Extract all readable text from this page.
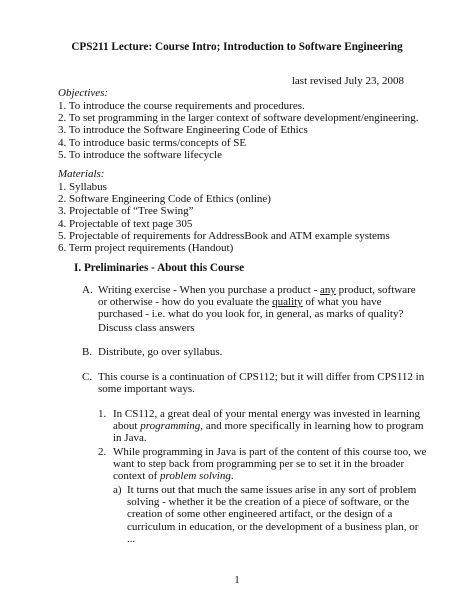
CPS211 Lecture: Course Intro; Introduction to Software Engineering
last revised July 23, 2008
Objectives:
1. To introduce the course requirements and procedures.
2. To set programming in the larger context of software development/engineering.
3. To introduce the Software Engineering Code of Ethics
4. To introduce basic terms/concepts of SE
5. To introduce the software lifecycle
Materials:
1. Syllabus
2. Software Engineering Code of Ethics (online)
3. Projectable of “Tree Swing”
4. Projectable of text page 305
5. Projectable of requirements for AddressBook and ATM example systems
6. Term project requirements (Handout)
I. Preliminaries - About this Course
A. Writing exercise - When you purchase a product - any product, software
or otherwise - how do you evaluate the quality of what you have
purchased - i.e. what do you look for, in general, as marks of quality?
Discuss class answers
B. Distribute, go over syllabus.
C. This course is a continuation of CPS112; but it will differ from CPS112 in
some important ways.
1. In CS112, a great deal of your mental energy was invested in learning
about programming, and more specifically in learning how to program
in Java.
2. While programming in Java is part of the content of this course too, we
want to step back from programming per se to set it in the broader
context of problem solving.
a) It turns out that much the same issues arise in any sort of problem
solving - whether it be the creation of a piece of software, or the
creation of some other engineered artifact, or the design of a
curriculum in education, or the development of a business plan, or
...
1
